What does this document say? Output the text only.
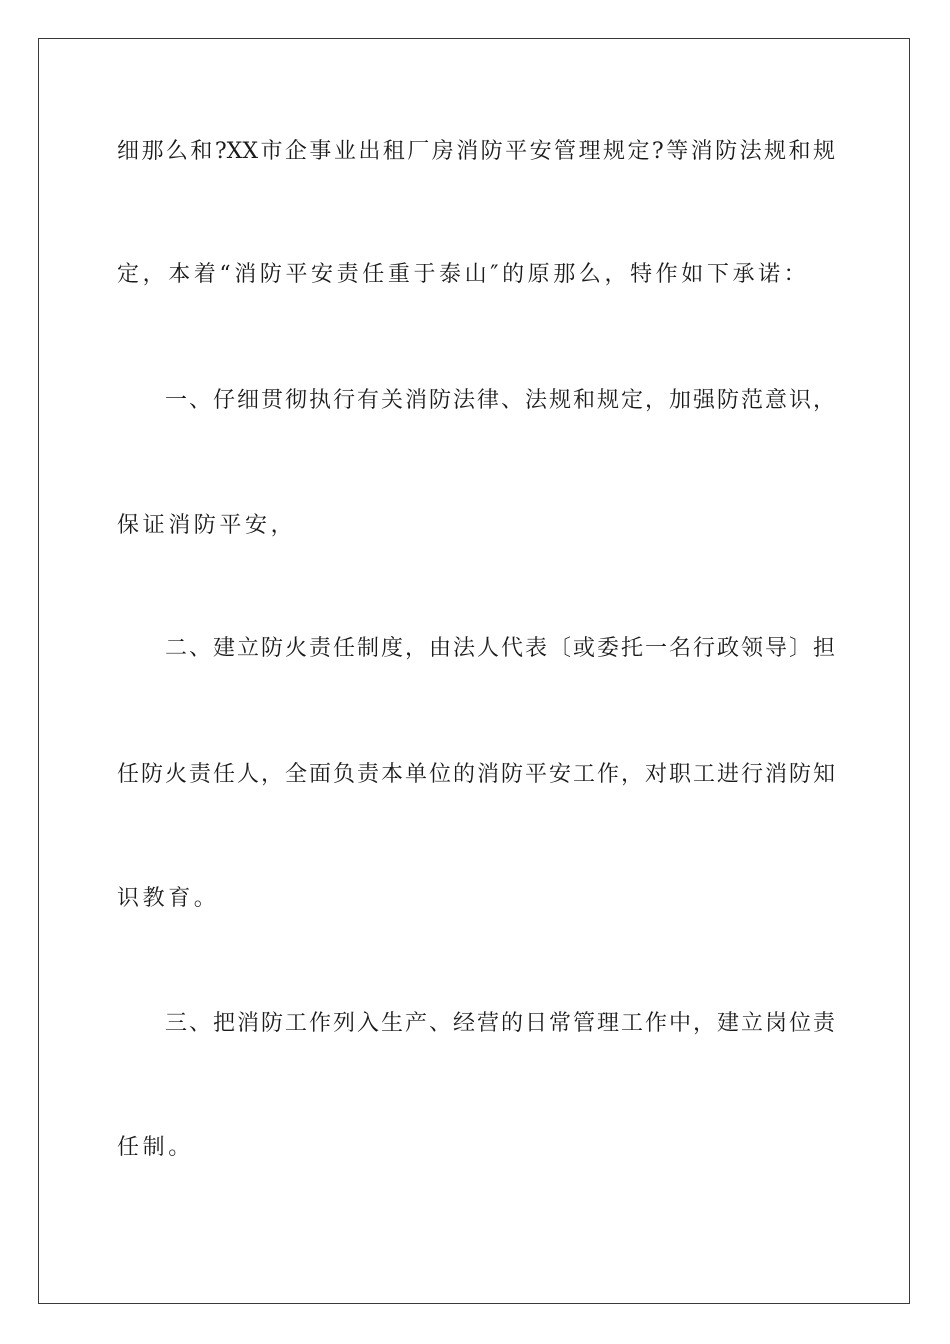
细那么和?XX市企事业出租厂房消防平安管理规定?等消防法规和规
定，本着“消防平安责任重于泰山″的原那么，特作如下承诺：
一、仔细贯彻执行有关消防法律、法规和规定，加强防范意识，
保证消防平安，
二、建立防火责任制度，由法人代表〔或委托一名行政领导〕担
任防火责任人，全面负责本单位的消防平安工作，对职工进行消防知
识教育。
三、把消防工作列入生产、经营的日常管理工作中，建立岗位责
任制。
